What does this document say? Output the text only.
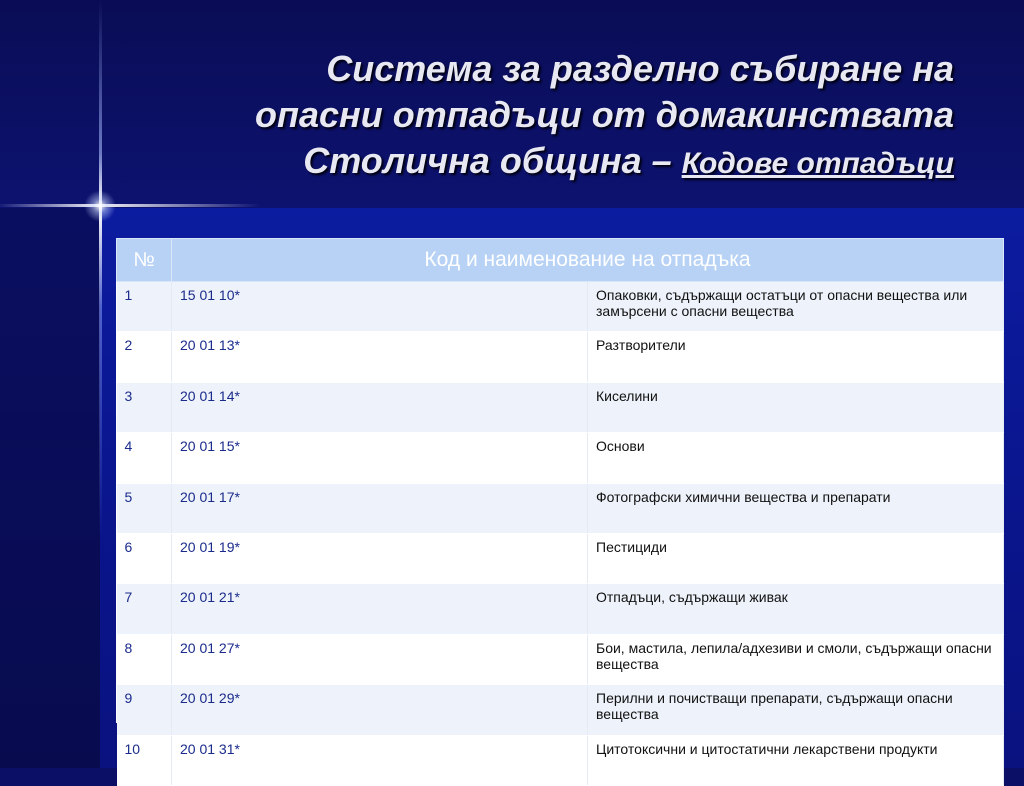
Система за разделно събиране на
опасни отпадъци от домакинствата
Столична община – Кодове отпадъци
№	Код и наименование на отпадъка	
1	15 01 10*	Опаковки, съдържащи остатъци от опасни вещества или замърсени с опасни вещества
2	20 01 13*	Разтворители
3	20 01 14*	Киселини
4	20 01 15*	Основи
5	20 01 17*	Фотографски химични вещества и препарати
6	20 01 19*	Пестициди
7	20 01 21*	Отпадъци, съдържащи живак
8	20 01 27*	Бои, мастила, лепила/адхезиви и смоли, съдържащи опасни вещества
9	20 01 29*	Перилни и почистващи препарати, съдържащи опасни вещества
10	20 01 31*	Цитотоксични и цитостатични лекарствени продукти
